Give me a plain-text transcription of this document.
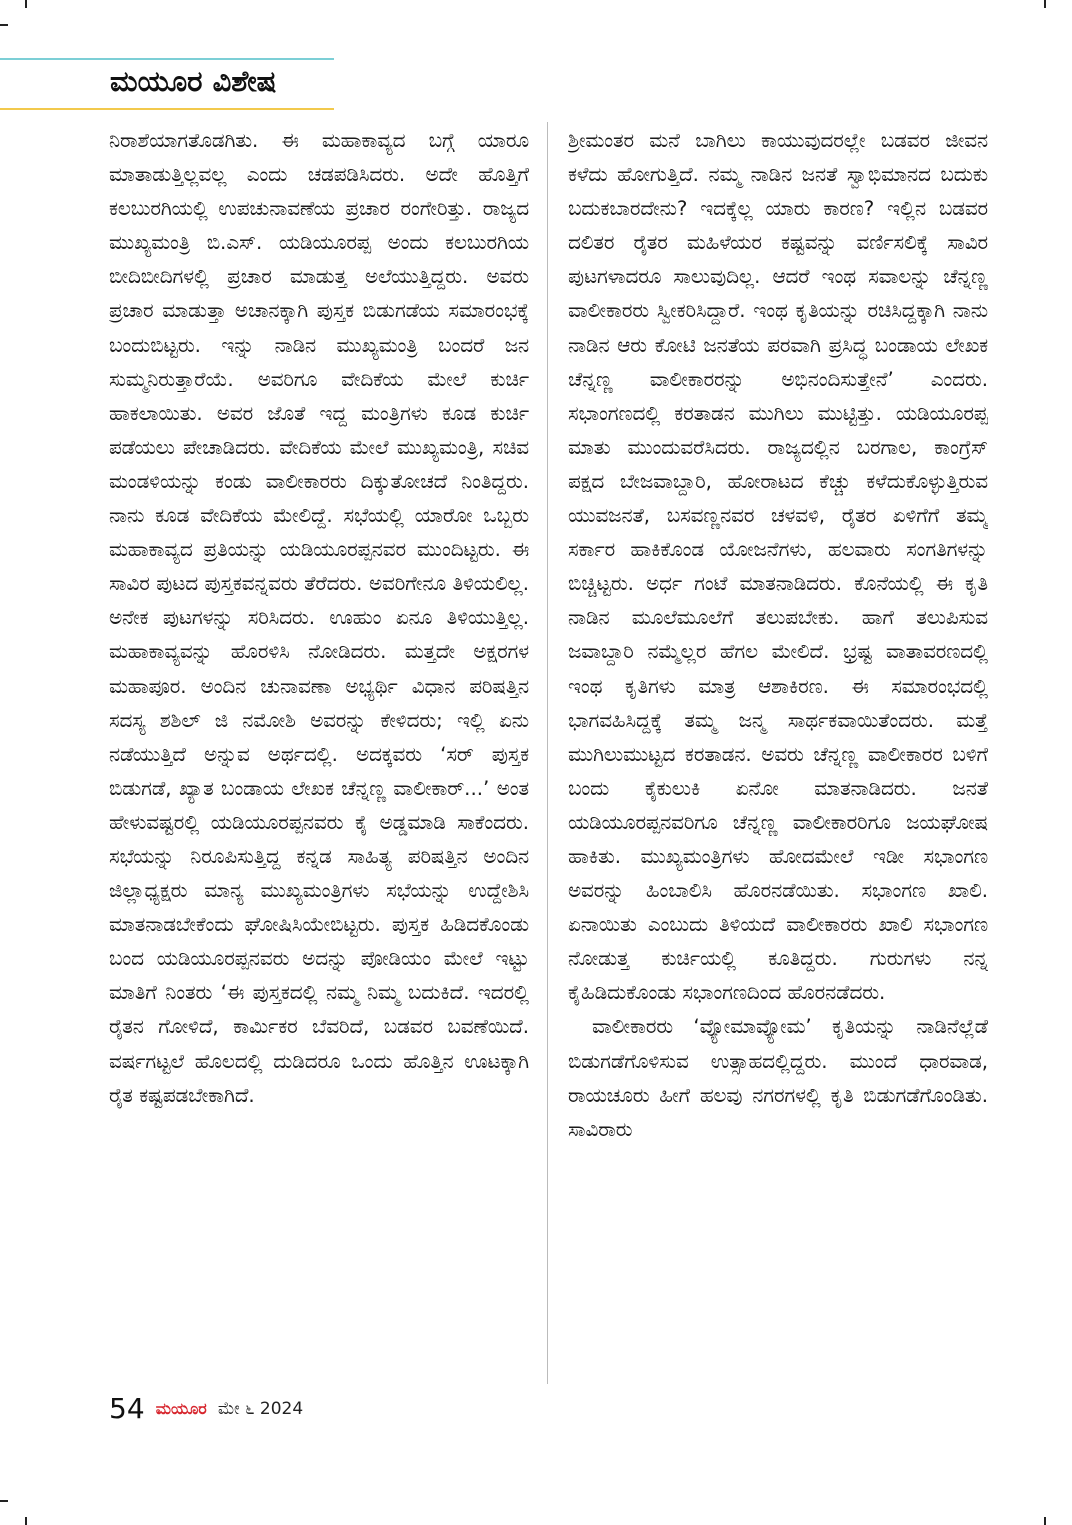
ಮಯೂರ ವಿಶೇಷ

ನಿರಾಶೆಯಾಗತೊಡಗಿತು. ಈ ಮಹಾಕಾವ್ಯದ ಬಗ್ಗೆ ಯಾರೂ ಮಾತಾಡುತ್ತಿಲ್ಲವಲ್ಲ ಎಂದು ಚಡಪಡಿಸಿದರು. ಅದೇ ಹೊತ್ತಿಗೆ ಕಲಬುರಗಿಯಲ್ಲಿ ಉಪಚುನಾವಣೆಯ ಪ್ರಚಾರ ರಂಗೇರಿತ್ತು. ರಾಜ್ಯದ ಮುಖ್ಯಮಂತ್ರಿ ಬಿ.ಎಸ್. ಯಡಿಯೂರಪ್ಪ ಅಂದು ಕಲಬುರಗಿಯ ಬೀದಿಬೀದಿಗಳಲ್ಲಿ ಪ್ರಚಾರ ಮಾಡುತ್ತ ಅಲೆಯುತ್ತಿದ್ದರು. ಅವರು ಪ್ರಚಾರ ಮಾಡುತ್ತಾ ಅಚಾನಕ್ಕಾಗಿ ಪುಸ್ತಕ ಬಿಡುಗಡೆಯ ಸಮಾರಂಭಕ್ಕೆ ಬಂದುಬಿಟ್ಟರು. ಇನ್ನು ನಾಡಿನ ಮುಖ್ಯಮಂತ್ರಿ ಬಂದರೆ ಜನ ಸುಮ್ಮನಿರುತ್ತಾರೆಯೆ. ಅವರಿಗೂ ವೇದಿಕೆಯ ಮೇಲೆ ಕುರ್ಚಿ ಹಾಕಲಾಯಿತು. ಅವರ ಜೊತೆ ಇದ್ದ ಮಂತ್ರಿಗಳು ಕೂಡ ಕುರ್ಚಿ ಪಡೆಯಲು ಪೇಚಾಡಿದರು. ವೇದಿಕೆಯ ಮೇಲೆ ಮುಖ್ಯಮಂತ್ರಿ, ಸಚಿವ ಮಂಡಳಿಯನ್ನು ಕಂಡು ವಾಲೀಕಾರರು ದಿಕ್ಕುತೋಚದೆ ನಿಂತಿದ್ದರು. ನಾನು ಕೂಡ ವೇದಿಕೆಯ ಮೇಲಿದ್ದೆ. ಸಭೆಯಲ್ಲಿ ಯಾರೋ ಒಬ್ಬರು ಮಹಾಕಾವ್ಯದ ಪ್ರತಿಯನ್ನು ಯಡಿಯೂರಪ್ಪನವರ ಮುಂದಿಟ್ಟರು. ಈ ಸಾವಿರ ಪುಟದ ಪುಸ್ತಕವನ್ನವರು ತೆರೆದರು. ಅವರಿಗೇನೂ ತಿಳಿಯಲಿಲ್ಲ. ಅನೇಕ ಪುಟಗಳನ್ನು ಸರಿಸಿದರು. ಊಹುಂ ಏನೂ ತಿಳಿಯುತ್ತಿಲ್ಲ. ಮಹಾಕಾವ್ಯವನ್ನು ಹೊರಳಿಸಿ ನೋಡಿದರು. ಮತ್ತದೇ ಅಕ್ಷರಗಳ ಮಹಾಪೂರ. ಅಂದಿನ ಚುನಾವಣಾ ಅಭ್ಯರ್ಥಿ ವಿಧಾನ ಪರಿಷತ್ತಿನ ಸದಸ್ಯ ಶಶಿಲ್ ಜಿ ನಮೋಶಿ ಅವರನ್ನು ಕೇಳಿದರು; ಇಲ್ಲಿ ಏನು ನಡೆಯುತ್ತಿದೆ ಅನ್ನುವ ಅರ್ಥದಲ್ಲಿ. ಅದಕ್ಕವರು ‘ಸರ್ ಪುಸ್ತಕ ಬಿಡುಗಡೆ, ಖ್ಯಾತ ಬಂಡಾಯ ಲೇಖಕ ಚೆನ್ನಣ್ಣ ವಾಲೀಕಾರ್...’ ಅಂತ ಹೇಳುವಷ್ಟರಲ್ಲಿ ಯಡಿಯೂರಪ್ಪನವರು ಕೈ ಅಡ್ಡಮಾಡಿ ಸಾಕೆಂದರು. ಸಭೆಯನ್ನು ನಿರೂಪಿಸುತ್ತಿದ್ದ ಕನ್ನಡ ಸಾಹಿತ್ಯ ಪರಿಷತ್ತಿನ ಅಂದಿನ ಜಿಲ್ಲಾಧ್ಯಕ್ಷರು ಮಾನ್ಯ ಮುಖ್ಯಮಂತ್ರಿಗಳು ಸಭೆಯನ್ನು ಉದ್ದೇಶಿಸಿ ಮಾತನಾಡಬೇಕೆಂದು ಘೋಷಿಸಿಯೇಬಿಟ್ಟರು. ಪುಸ್ತಕ ಹಿಡಿದಕೊಂಡು ಬಂದ ಯಡಿಯೂರಪ್ಪನವರು ಅದನ್ನು ಪೋಡಿಯಂ ಮೇಲೆ ಇಟ್ಟು ಮಾತಿಗೆ ನಿಂತರು ‘ಈ ಪುಸ್ತಕದಲ್ಲಿ ನಮ್ಮ ನಿಮ್ಮ ಬದುಕಿದೆ. ಇದರಲ್ಲಿ ರೈತನ ಗೋಳಿದೆ, ಕಾರ್ಮಿಕರ ಬೆವರಿದೆ, ಬಡವರ ಬವಣೆಯಿದೆ. ವರ್ಷಗಟ್ಟಲೆ ಹೊಲದಲ್ಲಿ ದುಡಿದರೂ ಒಂದು ಹೊತ್ತಿನ ಊಟಕ್ಕಾಗಿ ರೈತ ಕಷ್ಟಪಡಬೇಕಾಗಿದೆ.

ಶ್ರೀಮಂತರ ಮನೆ ಬಾಗಿಲು ಕಾಯುವುದರಲ್ಲೇ ಬಡವರ ಜೀವನ ಕಳೆದು ಹೋಗುತ್ತಿದೆ. ನಮ್ಮ ನಾಡಿನ ಜನತೆ ಸ್ವಾಭಿಮಾನದ ಬದುಕು ಬದುಕಬಾರದೇನು? ಇದಕ್ಕೆಲ್ಲ ಯಾರು ಕಾರಣ? ಇಲ್ಲಿನ ಬಡವರ ದಲಿತರ ರೈತರ ಮಹಿಳೆಯರ ಕಷ್ಟವನ್ನು ವರ್ಣಿಸಲಿಕ್ಕೆ ಸಾವಿರ ಪುಟಗಳಾದರೂ ಸಾಲುವುದಿಲ್ಲ. ಆದರೆ ಇಂಥ ಸವಾಲನ್ನು ಚೆನ್ನಣ್ಣ ವಾಲೀಕಾರರು ಸ್ವೀಕರಿಸಿದ್ದಾರೆ. ಇಂಥ ಕೃತಿಯನ್ನು ರಚಿಸಿದ್ದಕ್ಕಾಗಿ ನಾನು ನಾಡಿನ ಆರು ಕೋಟಿ ಜನತೆಯ ಪರವಾಗಿ ಪ್ರಸಿದ್ಧ ಬಂಡಾಯ ಲೇಖಕ ಚೆನ್ನಣ್ಣ ವಾಲೀಕಾರರನ್ನು ಅಭಿನಂದಿಸುತ್ತೇನೆ’ ಎಂದರು. ಸಭಾಂಗಣದಲ್ಲಿ ಕರತಾಡನ ಮುಗಿಲು ಮುಟ್ಟಿತ್ತು. ಯಡಿಯೂರಪ್ಪ ಮಾತು ಮುಂದುವರೆಸಿದರು. ರಾಜ್ಯದಲ್ಲಿನ ಬರಗಾಲ, ಕಾಂಗ್ರೆಸ್ ಪಕ್ಷದ ಬೇಜವಾಬ್ದಾರಿ, ಹೋರಾಟದ ಕೆಚ್ಚು ಕಳೆದುಕೊಳ್ಳುತ್ತಿರುವ ಯುವಜನತೆ, ಬಸವಣ್ಣನವರ ಚಳವಳಿ, ರೈತರ ಏಳಿಗೆಗೆ ತಮ್ಮ ಸರ್ಕಾರ ಹಾಕಿಕೊಂಡ ಯೋಜನೆಗಳು, ಹಲವಾರು ಸಂಗತಿಗಳನ್ನು ಬಿಚ್ಚಿಟ್ಟರು. ಅರ್ಧ ಗಂಟೆ ಮಾತನಾಡಿದರು. ಕೊನೆಯಲ್ಲಿ ಈ ಕೃತಿ ನಾಡಿನ ಮೂಲೆಮೂಲೆಗೆ ತಲುಪಬೇಕು. ಹಾಗೆ ತಲುಪಿಸುವ ಜವಾಬ್ದಾರಿ ನಮ್ಮೆಲ್ಲರ ಹೆಗಲ ಮೇಲಿದೆ. ಭ್ರಷ್ಟ ವಾತಾವರಣದಲ್ಲಿ ಇಂಥ ಕೃತಿಗಳು ಮಾತ್ರ ಆಶಾಕಿರಣ. ಈ ಸಮಾರಂಭದಲ್ಲಿ ಭಾಗವಹಿಸಿದ್ದಕ್ಕೆ ತಮ್ಮ ಜನ್ಮ ಸಾರ್ಥಕವಾಯಿತೆಂದರು. ಮತ್ತೆ ಮುಗಿಲುಮುಟ್ಟದ ಕರತಾಡನ. ಅವರು ಚೆನ್ನಣ್ಣ ವಾಲೀಕಾರರ ಬಳಿಗೆ ಬಂದು ಕೈಕುಲುಕಿ ಏನೋ ಮಾತನಾಡಿದರು. ಜನತೆ ಯಡಿಯೂರಪ್ಪನವರಿಗೂ ಚೆನ್ನಣ್ಣ ವಾಲೀಕಾರರಿಗೂ ಜಯಘೋಷ ಹಾಕಿತು. ಮುಖ್ಯಮಂತ್ರಿಗಳು ಹೋದಮೇಲೆ ಇಡೀ ಸಭಾಂಗಣ ಅವರನ್ನು ಹಿಂಬಾಲಿಸಿ ಹೊರನಡೆಯಿತು. ಸಭಾಂಗಣ ಖಾಲಿ. ಏನಾಯಿತು ಎಂಬುದು ತಿಳಿಯದೆ ವಾಲೀಕಾರರು ಖಾಲಿ ಸಭಾಂಗಣ ನೋಡುತ್ತ ಕುರ್ಚಿಯಲ್ಲಿ ಕೂತಿದ್ದರು. ಗುರುಗಳು ನನ್ನ ಕೈಹಿಡಿದುಕೊಂಡು ಸಭಾಂಗಣದಿಂದ ಹೊರನಡೆದರು.

ವಾಲೀಕಾರರು ‘ವ್ಯೋಮಾವ್ಯೋಮ’ ಕೃತಿಯನ್ನು ನಾಡಿನೆಲ್ಲೆಡೆ ಬಿಡುಗಡೆಗೊಳಿಸುವ ಉತ್ಸಾಹದಲ್ಲಿದ್ದರು. ಮುಂದೆ ಧಾರವಾಡ, ರಾಯಚೂರು ಹೀಗೆ ಹಲವು ನಗರಗಳಲ್ಲಿ ಕೃತಿ ಬಿಡುಗಡೆಗೊಂಡಿತು. ಸಾವಿರಾರು

54 ಮಯೂರ ಮೇ ೬ 2024
